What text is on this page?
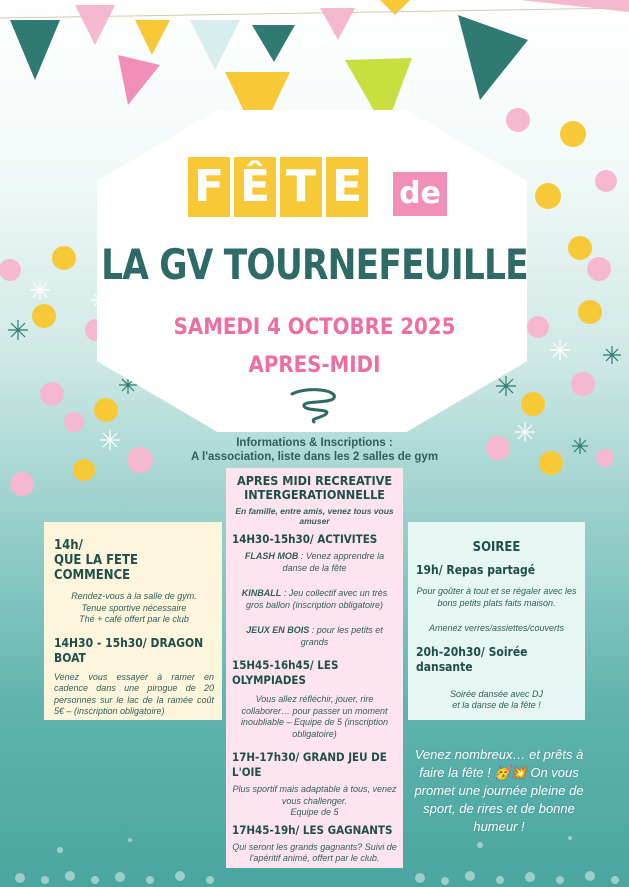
F Ê T E de
LA GV TOURNEFEUILLE
SAMEDI 4 OCTOBRE 2025
APRES-MIDI
Informations & Inscriptions :
A l'association, liste dans les 2 salles de gym
14h/
QUE LA FETE COMMENCE
Rendez-vous à la salle de gym.
Tenue sportive nécessaire
Thé + café offert par le club
14H30 - 15h30/ DRAGON BOAT
Venez vous essayer à ramer en cadence dans une pirogue de 20 personnes sur le lac de la ramée coût 5€ – (inscription obligatoire)
APRES MIDI RECREATIVE INTERGERATIONNELLE
En famille, entre amis, venez tous vous amuser
14H30-15h30/ ACTIVITES
FLASH MOB : Venez apprendre la danse de la fête
KINBALL : Jeu collectif avec un très gros ballon (inscription obligatoire)
JEUX EN BOIS : pour les petits et grands
15H45-16h45/ LES OLYMPIADES
Vous allez réfléchir, jouer, rire collaborer… pour passer un moment inoubliable – Equipe de 5 (inscription obligatoire)
17H-17h30/ GRAND JEU DE L'OIE
Plus sportif mais adaptable à tous, venez vous challenger.
Equipe de 5
17H45-19h/ LES GAGNANTS
Qui seront les grands gagnants? Suivi de l'apéritif animé, offert par le club.
SOIREE
19h/ Repas partagé
Pour goûter à tout et se régaler avec les bons petits plats faits maison.
Amenez verres/assiettes/couverts
20h-20h30/ Soirée dansante
Soirée dansée avec DJ
et la danse de la fête !
Venez nombreux… et prêts à faire la fête ! 🥳💥 On vous promet une journée pleine de sport, de rires et de bonne humeur !
